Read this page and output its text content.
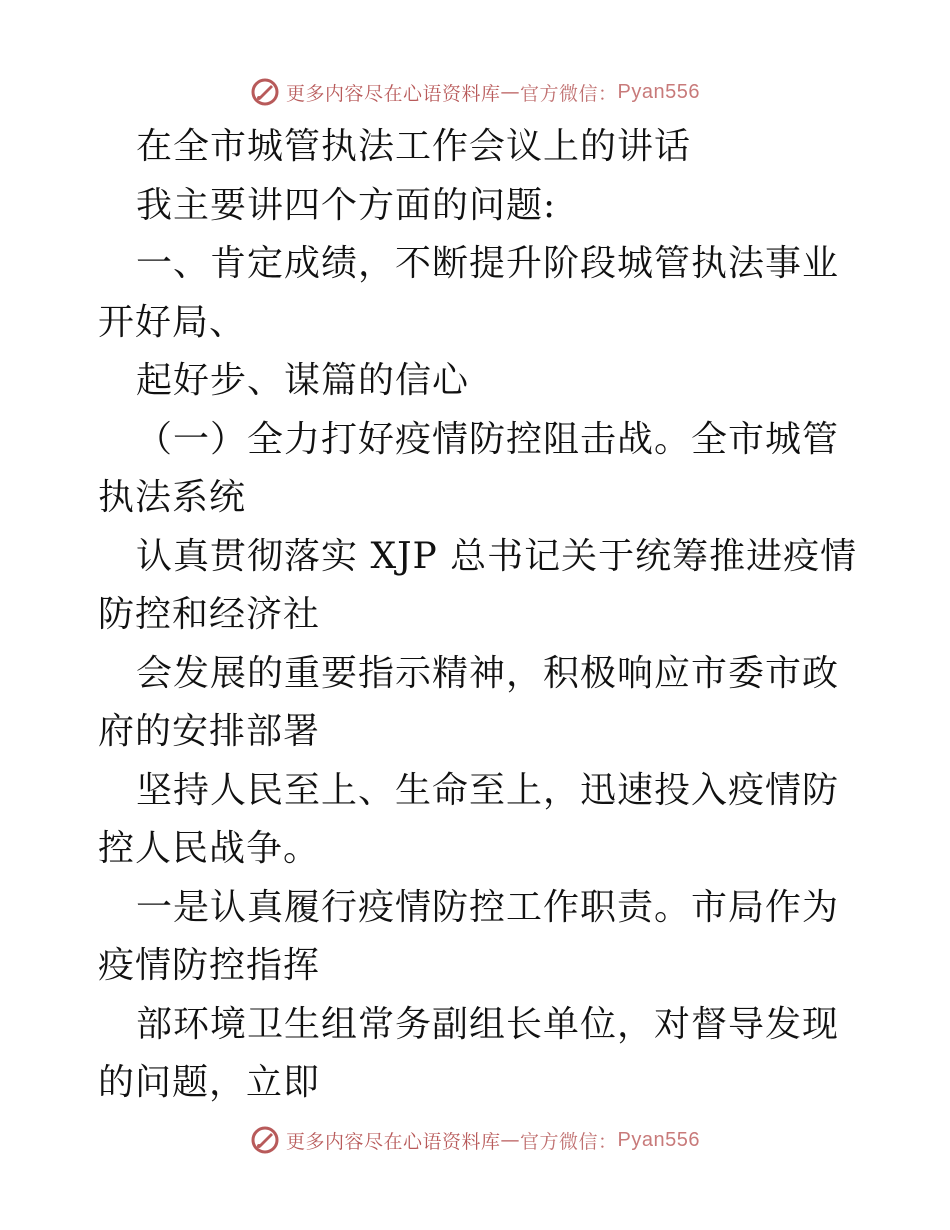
更多内容尽在心语资料库 — 官方微信： Pyan556

在全市城管执法工作会议上的讲话

我主要讲四个方面的问题:

一、肯定成绩，不断提升阶段城管执法事业开好局、

起好步、谋篇的信心

（一）全力打好疫情防控阻击战。全市城管执法系统

认真贯彻落实 XJP 总书记关于统筹推进疫情防控和经济社

会发展的重要指示精神，积极响应市委市政府的安排部署

坚持人民至上、生命至上，迅速投入疫情防控人民战争。

一是认真履行疫情防控工作职责。市局作为疫情防控指挥

部环境卫生组常务副组长单位，对督导发现的问题，立即

更多内容尽在心语资料库 — 官方微信： Pyan556
